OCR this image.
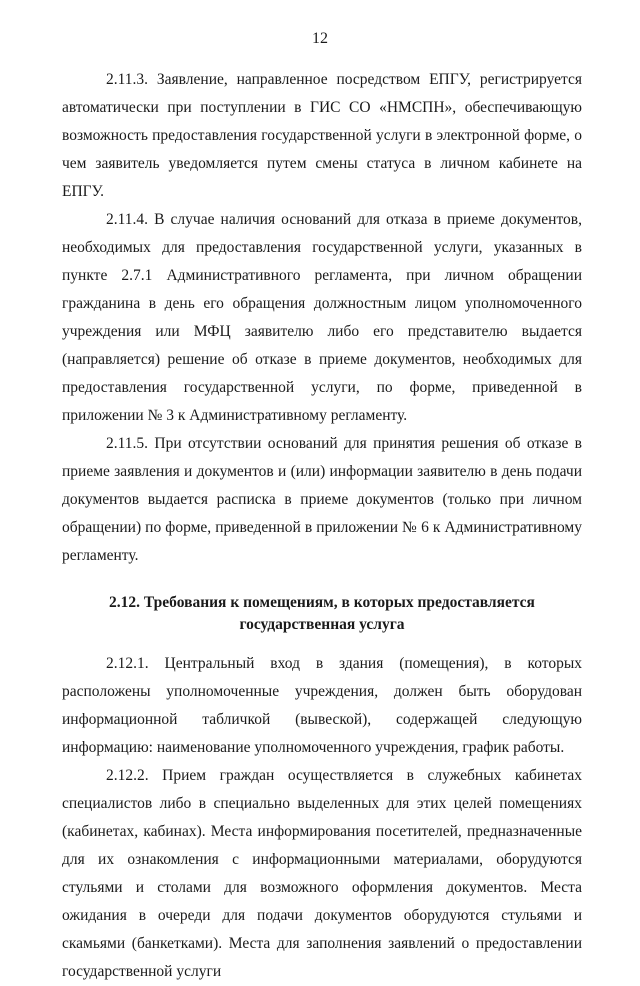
12

2.11.3. Заявление, направленное посредством ЕПГУ, регистрируется автоматически при поступлении в ГИС СО «НМСПН», обеспечивающую возможность предоставления государственной услуги в электронной форме, о чем заявитель уведомляется путем смены статуса в личном кабинете на ЕПГУ.

2.11.4. В случае наличия оснований для отказа в приеме документов, необходимых для предоставления государственной услуги, указанных в пункте 2.7.1 Административного регламента, при личном обращении гражданина в день его обращения должностным лицом уполномоченного учреждения или МФЦ заявителю либо его представителю выдается (направляется) решение об отказе в приеме документов, необходимых для предоставления государственной услуги, по форме, приведенной в приложении № 3 к Административному регламенту.

2.11.5. При отсутствии оснований для принятия решения об отказе в приеме заявления и документов и (или) информации заявителю в день подачи документов выдается расписка в приеме документов (только при личном обращении) по форме, приведенной в приложении № 6 к Административному регламенту.

2.12. Требования к помещениям, в которых предоставляется
государственная услуга

2.12.1. Центральный вход в здания (помещения), в которых расположены уполномоченные учреждения, должен быть оборудован информационной табличкой (вывеской), содержащей следующую информацию: наименование уполномоченного учреждения, график работы.

2.12.2. Прием граждан осуществляется в служебных кабинетах специалистов либо в специально выделенных для этих целей помещениях (кабинетах, кабинах). Места информирования посетителей, предназначенные для их ознакомления с информационными материалами, оборудуются стульями и столами для возможного оформления документов. Места ожидания в очереди для подачи документов оборудуются стульями и скамьями (банкетками). Места для заполнения заявлений о предоставлении государственной услуги
